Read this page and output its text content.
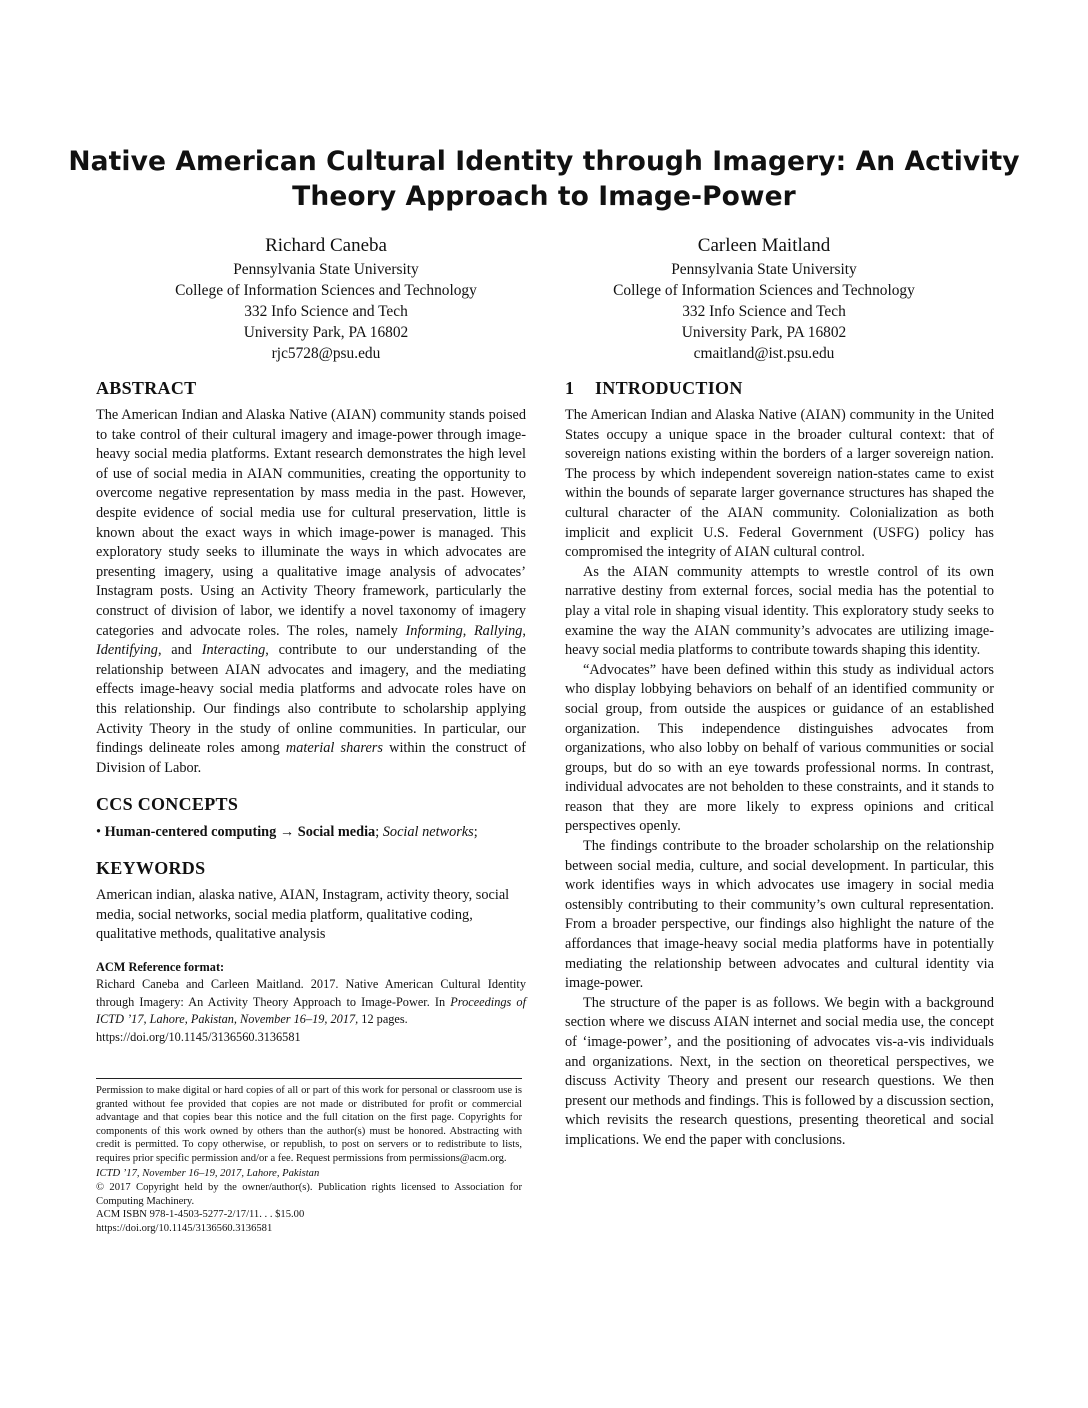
Native American Cultural Identity through Imagery: An Activity Theory Approach to Image-Power
Richard Caneba
Pennsylvania State University
College of Information Sciences and Technology
332 Info Science and Tech
University Park, PA 16802
rjc5728@psu.edu
Carleen Maitland
Pennsylvania State University
College of Information Sciences and Technology
332 Info Science and Tech
University Park, PA 16802
cmaitland@ist.psu.edu
ABSTRACT

The American Indian and Alaska Native (AIAN) community stands poised to take control of their cultural imagery and image-power through image-heavy social media platforms. Extant research demonstrates the high level of use of social media in AIAN communities, creating the opportunity to overcome negative representation by mass media in the past. However, despite evidence of social media use for cultural preservation, little is known about the exact ways in which image-power is managed. This exploratory study seeks to illuminate the ways in which advocates are presenting imagery, using a qualitative image analysis of advocates’ Instagram posts. Using an Activity Theory framework, particularly the construct of division of labor, we identify a novel taxonomy of imagery categories and advocate roles. The roles, namely Informing, Rallying, Identifying, and Interacting, contribute to our understanding of the relationship between AIAN advocates and imagery, and the mediating effects image-heavy social media platforms and advocate roles have on this relationship. Our findings also contribute to scholarship applying Activity Theory in the study of online communities. In particular, our findings delineate roles among material sharers within the construct of Division of Labor.

CCS CONCEPTS
• Human-centered computing → Social media; Social networks;
KEYWORDS

American indian, alaska native, AIAN, Instagram, activity theory, social media, social networks, social media platform, qualitative coding, qualitative methods, qualitative analysis

ACM Reference format:
Richard Caneba and Carleen Maitland. 2017. Native American Cultural Identity through Imagery: An Activity Theory Approach to Image-Power. In Proceedings of ICTD ’17, Lahore, Pakistan, November 16–19, 2017, 12 pages.
https://doi.org/10.1145/3136560.3136581

Permission to make digital or hard copies of all or part of this work for personal or classroom use is granted without fee provided that copies are not made or distributed for profit or commercial advantage and that copies bear this notice and the full citation on the first page. Copyrights for components of this work owned by others than the author(s) must be honored. Abstracting with credit is permitted. To copy otherwise, or republish, to post on servers or to redistribute to lists, requires prior specific permission and/or a fee. Request permissions from permissions@acm.org.

ICTD ’17, November 16–19, 2017, Lahore, Pakistan

© 2017 Copyright held by the owner/author(s). Publication rights licensed to Association for Computing Machinery.

ACM ISBN 978-1-4503-5277-2/17/11. . . $15.00

https://doi.org/10.1145/3136560.3136581

1 INTRODUCTION

The American Indian and Alaska Native (AIAN) community in the United States occupy a unique space in the broader cultural context: that of sovereign nations existing within the borders of a larger sovereign nation. The process by which independent sovereign nation-states came to exist within the bounds of separate larger governance structures has shaped the cultural character of the AIAN community. Colonialization as both implicit and explicit U.S. Federal Government (USFG) policy has compromised the integrity of AIAN cultural control.

As the AIAN community attempts to wrestle control of its own narrative destiny from external forces, social media has the potential to play a vital role in shaping visual identity. This exploratory study seeks to examine the way the AIAN community’s advocates are utilizing image-heavy social media platforms to contribute towards shaping this identity.

“Advocates” have been defined within this study as individual actors who display lobbying behaviors on behalf of an identified community or social group, from outside the auspices or guidance of an established organization. This independence distinguishes advocates from organizations, who also lobby on behalf of various communities or social groups, but do so with an eye towards professional norms. In contrast, individual advocates are not beholden to these constraints, and it stands to reason that they are more likely to express opinions and critical perspectives openly.

The findings contribute to the broader scholarship on the relationship between social media, culture, and social development. In particular, this work identifies ways in which advocates use imagery in social media ostensibly contributing to their community’s own cultural representation. From a broader perspective, our findings also highlight the nature of the affordances that image-heavy social media platforms have in potentially mediating the relationship between advocates and cultural identity via image-power.

The structure of the paper is as follows. We begin with a background section where we discuss AIAN internet and social media use, the concept of ‘image-power’, and the positioning of advocates vis-a-vis individuals and organizations. Next, in the section on theoretical perspectives, we discuss Activity Theory and present our research questions. We then present our methods and findings. This is followed by a discussion section, which revisits the research questions, presenting theoretical and social implications. We end the paper with conclusions.
